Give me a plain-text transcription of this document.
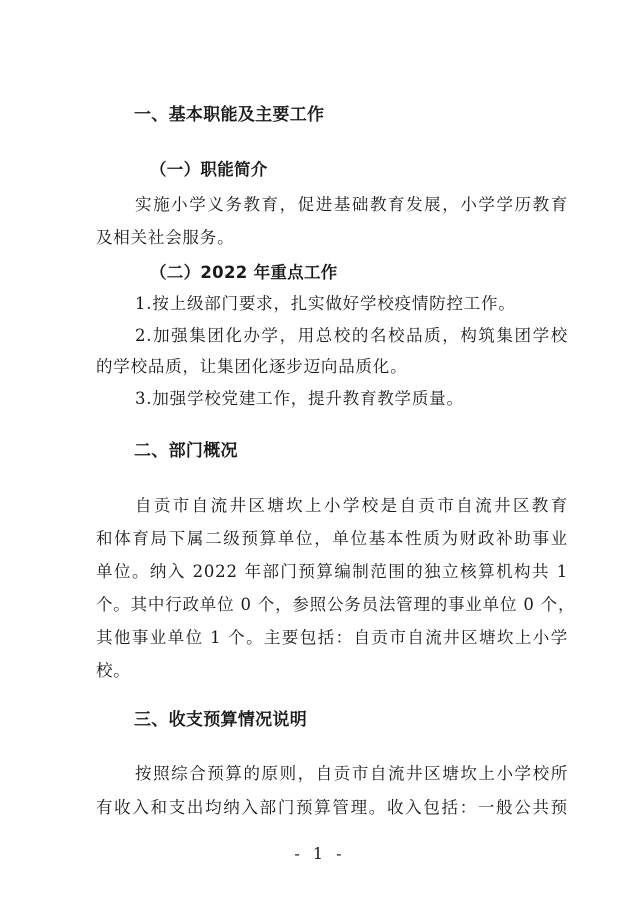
一、基本职能及主要工作
（一）职能简介
实施小学义务教育，促进基础教育发展，小学学历教育
及相关社会服务。
（二）2022 年重点工作
1.按上级部门要求，扎实做好学校疫情防控工作。
2.加强集团化办学，用总校的名校品质，构筑集团学校
的学校品质，让集团化逐步迈向品质化。
3.加强学校党建工作，提升教育教学质量。
二、部门概况
自贡市自流井区塘坎上小学校是自贡市自流井区教育
和体育局下属二级预算单位，单位基本性质为财政补助事业
单位。纳入 2022 年部门预算编制范围的独立核算机构共 1
个。其中行政单位 0 个，参照公务员法管理的事业单位 0 个，
其他事业单位 1 个。主要包括：自贡市自流井区塘坎上小学
校。
三、收支预算情况说明
按照综合预算的原则，自贡市自流井区塘坎上小学校所
有收入和支出均纳入部门预算管理。收入包括：一般公共预
- 1 -
